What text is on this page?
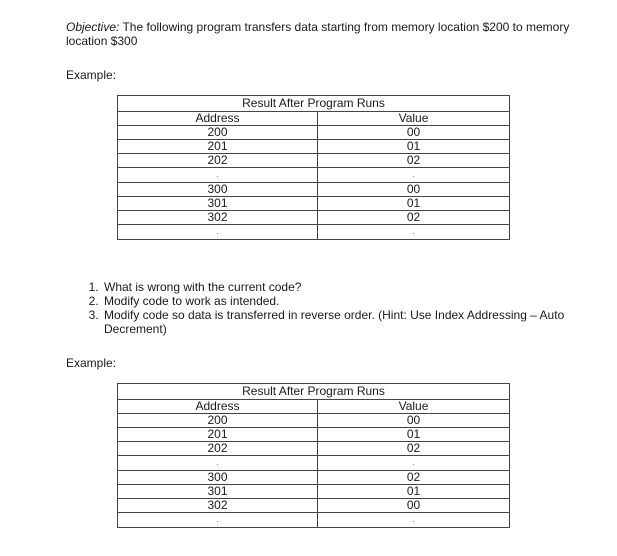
Objective: The following program transfers data starting from memory location $200 to memory location $300

Example:

Result After Program Runs	
Address	Value
200	00
201	01
202	02
.	.
300	00
301	01
302	02
.	.
1. What is wrong with the current code?
2. Modify code to work as intended.
3. Modify code so data is transferred in reverse order. (Hint: Use Index Addressing – Auto Decrement)

Example:

Result After Program Runs	
Address	Value
200	00
201	01
202	02
.	.
300	02
301	01
302	00
.	.
